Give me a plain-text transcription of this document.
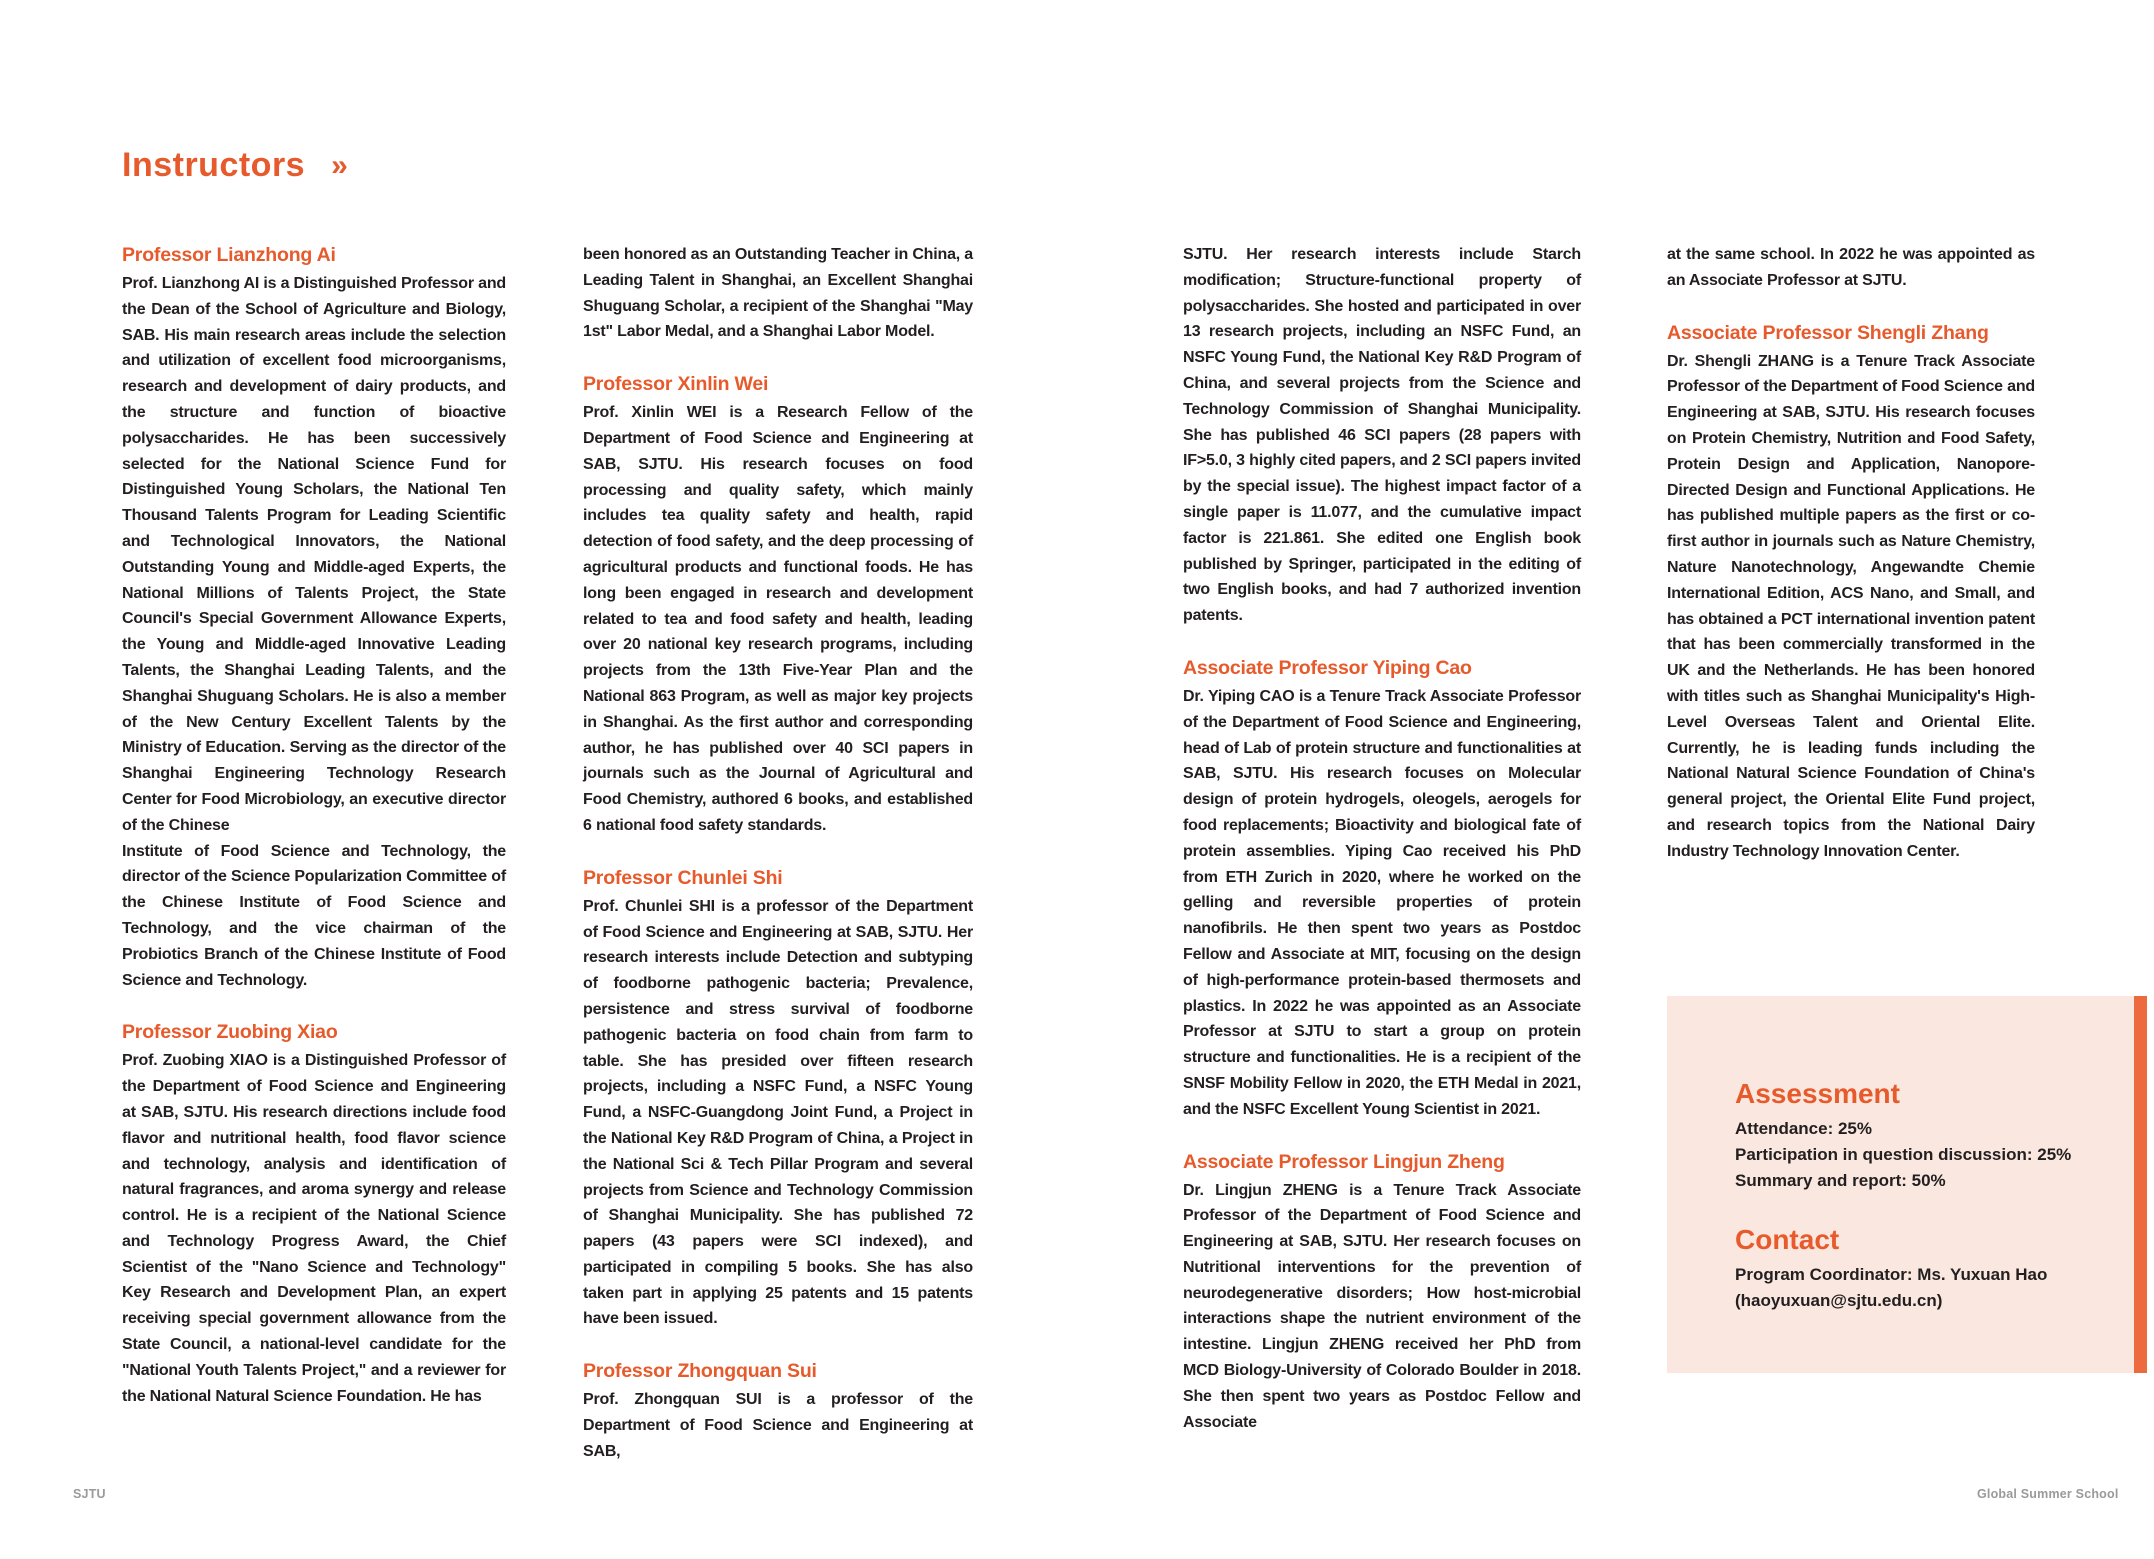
Instructors »
Professor Lianzhong Ai
Prof. Lianzhong AI is a Distinguished Professor and the Dean of the School of Agriculture and Biology, SAB. His main research areas include the selection and utilization of excellent food microorganisms, research and development of dairy products, and the structure and function of bioactive polysaccharides. He has been successively selected for the National Science Fund for Distinguished Young Scholars, the National Ten Thousand Talents Program for Leading Scientific and Technological Innovators, the National Outstanding Young and Middle-aged Experts, the National Millions of Talents Project, the State Council's Special Government Allowance Experts, the Young and Middle-aged Innovative Leading Talents, the Shanghai Leading Talents, and the Shanghai Shuguang Scholars. He is also a member of the New Century Excellent Talents by the Ministry of Education. Serving as the director of the Shanghai Engineering Technology Research Center for Food Microbiology, an executive director of the Chinese
Institute of Food Science and Technology, the director of the Science Popularization Committee of the Chinese Institute of Food Science and Technology, and the vice chairman of the Probiotics Branch of the Chinese Institute of Food Science and Technology.
Professor Zuobing Xiao
Prof. Zuobing XIAO is a Distinguished Professor of the Department of Food Science and Engineering at SAB, SJTU. His research directions include food flavor and nutritional health, food flavor science and technology, analysis and identification of natural fragrances, and aroma synergy and release control. He is a recipient of the National Science and Technology Progress Award, the Chief Scientist of the "Nano Science and Technology" Key Research and Development Plan, an expert receiving special government allowance from the State Council, a national-level candidate for the "National Youth Talents Project," and a reviewer for the National Natural Science Foundation. He has
been honored as an Outstanding Teacher in China, a Leading Talent in Shanghai, an Excellent Shanghai Shuguang Scholar, a recipient of the Shanghai "May 1st" Labor Medal, and a Shanghai Labor Model.
Professor Xinlin Wei
Prof. Xinlin WEI is a Research Fellow of the Department of Food Science and Engineering at SAB, SJTU. His research focuses on food processing and quality safety, which mainly includes tea quality safety and health, rapid detection of food safety, and the deep processing of agricultural products and functional foods. He has long been engaged in research and development related to tea and food safety and health, leading over 20 national key research programs, including projects from the 13th Five-Year Plan and the National 863 Program, as well as major key projects in Shanghai. As the first author and corresponding author, he has published over 40 SCI papers in journals such as the Journal of Agricultural and Food Chemistry, authored 6 books, and established 6 national food safety standards.
Professor Chunlei Shi
Prof. Chunlei SHI is a professor of the Department of Food Science and Engineering at SAB, SJTU. Her research interests include Detection and subtyping of foodborne pathogenic bacteria; Prevalence, persistence and stress survival of foodborne pathogenic bacteria on food chain from farm to table. She has presided over fifteen research projects, including a NSFC Fund, a NSFC Young Fund, a NSFC-Guangdong Joint Fund, a Project in the National Key R&D Program of China, a Project in the National Sci & Tech Pillar Program and several projects from Science and Technology Commission of Shanghai Municipality. She has published 72 papers (43 papers were SCI indexed), and participated in compiling 5 books. She has also taken part in applying 25 patents and 15 patents have been issued.
Professor Zhongquan Sui
Prof. Zhongquan SUI is a professor of the Department of Food Science and Engineering at SAB,
SJTU. Her research interests include Starch modification; Structure-functional property of polysaccharides. She hosted and participated in over 13 research projects, including an NSFC Fund, an NSFC Young Fund, the National Key R&D Program of China, and several projects from the Science and Technology Commission of Shanghai Municipality. She has published 46 SCI papers (28 papers with IF>5.0, 3 highly cited papers, and 2 SCI papers invited by the special issue). The highest impact factor of a single paper is 11.077, and the cumulative impact factor is 221.861. She edited one English book published by Springer, participated in the editing of two English books, and had 7 authorized invention patents.
Associate Professor Yiping Cao
Dr. Yiping CAO is a Tenure Track Associate Professor of the Department of Food Science and Engineering, head of Lab of protein structure and functionalities at SAB, SJTU. His research focuses on Molecular design of protein hydrogels, oleogels, aerogels for food replacements; Bioactivity and biological fate of protein assemblies. Yiping Cao received his PhD from ETH Zurich in 2020, where he worked on the gelling and reversible properties of protein nanofibrils. He then spent two years as Postdoc Fellow and Associate at MIT, focusing on the design of high-performance protein-based thermosets and plastics. In 2022 he was appointed as an Associate Professor at SJTU to start a group on protein structure and functionalities. He is a recipient of the SNSF Mobility Fellow in 2020, the ETH Medal in 2021, and the NSFC Excellent Young Scientist in 2021.
Associate Professor Lingjun Zheng
Dr. Lingjun ZHENG is a Tenure Track Associate Professor of the Department of Food Science and Engineering at SAB, SJTU. Her research focuses on Nutritional interventions for the prevention of neurodegenerative disorders; How host-microbial interactions shape the nutrient environment of the intestine. Lingjun ZHENG received her PhD from MCD Biology-University of Colorado Boulder in 2018. She then spent two years as Postdoc Fellow and Associate
at the same school. In 2022 he was appointed as an Associate Professor at SJTU.
Associate Professor Shengli Zhang
Dr. Shengli ZHANG is a Tenure Track Associate Professor of the Department of Food Science and Engineering at SAB, SJTU. His research focuses on Protein Chemistry, Nutrition and Food Safety, Protein Design and Application, Nanopore-Directed Design and Functional Applications. He has published multiple papers as the first or co-first author in journals such as Nature Chemistry, Nature Nanotechnology, Angewandte Chemie International Edition, ACS Nano, and Small, and has obtained a PCT international invention patent that has been commercially transformed in the UK and the Netherlands. He has been honored with titles such as Shanghai Municipality's High-Level Overseas Talent and Oriental Elite. Currently, he is leading funds including the National Natural Science Foundation of China's general project, the Oriental Elite Fund project, and research topics from the National Dairy Industry Technology Innovation Center.
Assessment
Attendance: 25%
Participation in question discussion: 25%
Summary and report: 50%
Contact
Program Coordinator: Ms. Yuxuan Hao
(haoyuxuan@sjtu.edu.cn)
SJTU	Global Summer School
